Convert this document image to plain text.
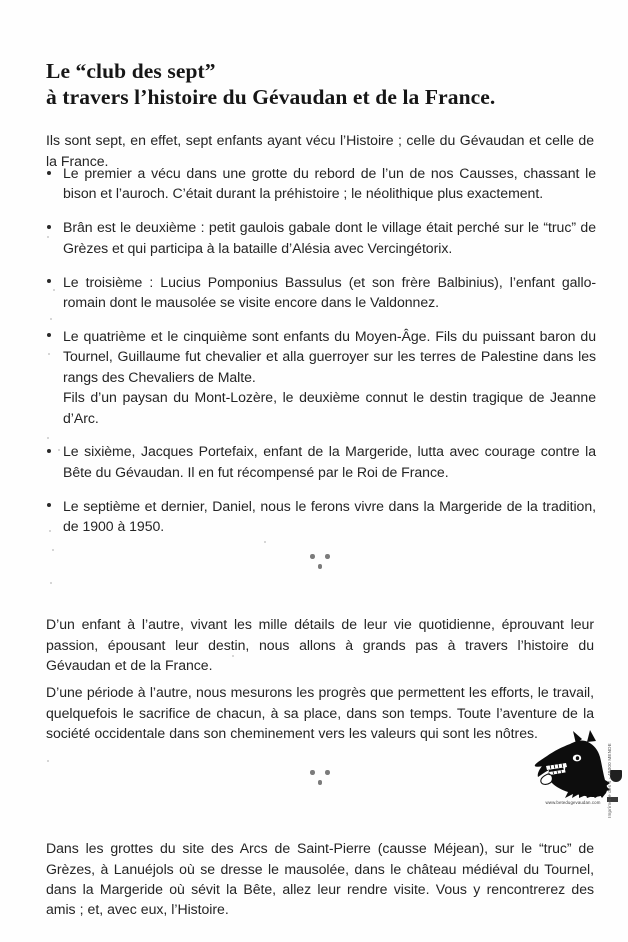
Le “club des sept”
à travers l’histoire du Gévaudan et de la France.

Ils sont sept, en effet, sept enfants ayant vécu l’Histoire ; celle du Gévaudan et celle de la France.

Le premier a vécu dans une grotte du rebord de l’un de nos Causses, chassant le bison et l’auroch. C’était durant la préhistoire ; le néolithique plus exactement.
Brân est le deuxième : petit gaulois gabale dont le village était perché sur le “truc” de Grèzes et qui participa à la bataille d’Alésia avec Vercingétorix.
Le troisième : Lucius Pomponius Bassulus (et son frère Balbinius), l’enfant gallo-romain dont le mausolée se visite encore dans le Valdonnez.
Le quatrième et le cinquième sont enfants du Moyen-Âge. Fils du puissant baron du Tournel, Guillaume fut chevalier et alla guerroyer sur les terres de Palestine dans les rangs des Chevaliers de Malte.
Fils d’un paysan du Mont-Lozère, le deuxième connut le destin tragique de Jeanne d’Arc.
Le sixième, Jacques Portefaix, enfant de la Margeride, lutta avec courage contre la Bête du Gévaudan. Il en fut récompensé par le Roi de France.
Le septième et dernier, Daniel, nous le ferons vivre dans la Margeride de la tradition, de 1900 à 1950.

D’un enfant à l’autre, vivant les mille détails de leur vie quotidienne, éprouvant leur passion, épousant leur destin, nous allons à grands pas à travers l’histoire du Gévaudan et de la France.

D’une période à l’autre, nous mesurons les progrès que permettent les efforts, le travail, quelquefois le sacrifice de chacun, à sa place, dans son temps. Toute l’aventure de la société occidentale dans son cheminement vers les valeurs qui sont les nôtres.

www.betedugevaudan.com

Dans les grottes du site des Arcs de Saint-Pierre (causse Méjean), sur le “truc” de Grèzes, à Lanuéjols où se dresse le mausolée, dans le château médiéval du Tournel, dans la Margeride où sévit la Bête, allez leur rendre visite. Vous y rencontrerez des amis ; et, avec eux, l’Histoire.

Imprimerie des 4 - 48000 MENDE
